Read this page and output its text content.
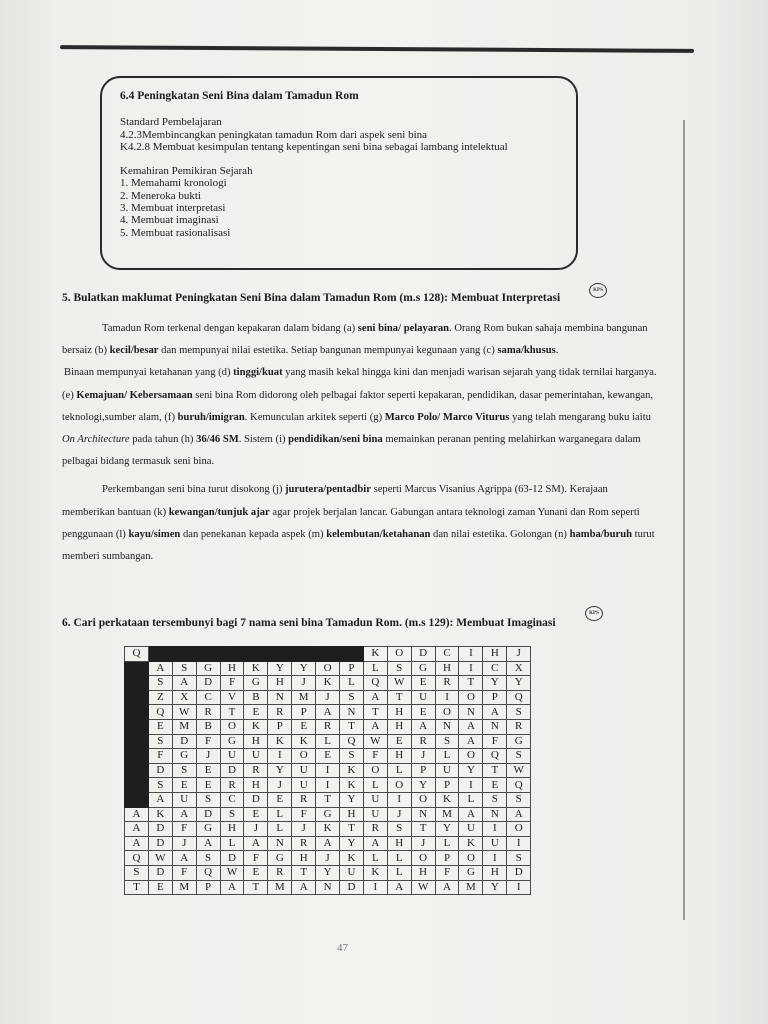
6.4 Peningkatan Seni Bina dalam Tamadun Rom
Standard Pembelajaran
4.2.3Membincangkan peningkatan tamadun Rom dari aspek seni bina
K4.2.8 Membuat kesimpulan tentang kepentingan seni bina sebagai lambang intelektual
Kemahiran Pemikiran Sejarah
1. Memahami kronologi
2. Meneroka bukti
3. Membuat interpretasi
4. Membuat imaginasi
5. Membuat rasionalisasi
5. Bulatkan maklumat Peningkatan Seni Bina dalam Tamadun Rom (m.s 128): Membuat Interpretasi
KPS

Tamadun Rom terkenal dengan kepakaran dalam bidang (a) seni bina/ pelayaran. Orang Rom bukan sahaja membina bangunan bersaiz (b) kecil/besar dan mempunyai nilai estetika. Setiap bangunan mempunyai kegunaan yang (c) sama/khusus.

Binaan mempunyai ketahanan yang (d) tinggi/kuat yang masih kekal hingga kini dan menjadi warisan sejarah yang tidak ternilai harganya. (e) Kemajuan/ Kebersamaan seni bina Rom didorong oleh pelbagai faktor seperti kepakaran, pendidikan, dasar pemerintahan, kewangan, teknologi,sumber alam, (f) buruh/imigran. Kemunculan arkitek seperti (g) Marco Polo/ Marco Viturus yang telah mengarang buku iaitu On Architecture pada tahun (h) 36/46 SM. Sistem (i) pendidikan/seni bina memainkan peranan penting melahirkan warganegara dalam pelbagai bidang termasuk seni bina.

Perkembangan seni bina turut disokong (j) jurutera/pentadbir seperti Marcus Visanius Agrippa (63-12 SM). Kerajaan memberikan bantuan (k) kewangan/tunjuk ajar agar projek berjalan lancar. Gabungan antara teknologi zaman Yunani dan Rom seperti penggunaan (l) kayu/simen dan penekanan kepada aspek (m) kelembutan/ketahanan dan nilai estetika. Golongan (n) hamba/buruh turut memberi sumbangan.

6. Cari perkataan tersembunyi bagi 7 nama seni bina Tamadun Rom. (m.s 129): Membuat Imaginasi
KPS
Q										K	O	D	C	I	H	J
	A	S	G	H	K	Y	Y	O	P	L	S	G	H	I	C	X
	S	A	D	F	G	H	J	K	L	Q	W	E	R	T	Y	Y
	Z	X	C	V	B	N	M	J	S	A	T	U	I	O	P	Q
	Q	W	R	T	E	R	P	A	N	T	H	E	O	N	A	S
	E	M	B	O	K	P	E	R	T	A	H	A	N	A	N	R
	S	D	F	G	H	K	K	L	Q	W	E	R	S	A	F	G
	F	G	J	U	U	I	O	E	S	F	H	J	L	O	Q	S
	D	S	E	D	R	Y	U	I	K	O	L	P	U	Y	T	W
	S	E	E	R	H	J	U	I	K	L	O	Y	P	I	E	Q
	A	U	S	C	D	E	R	T	Y	U	I	O	K	L	S	S
A	K	A	D	S	E	L	F	G	H	U	J	N	M	A	N	A
A	D	F	G	H	J	L	J	K	T	R	S	T	Y	U	I	O
A	D	J	A	L	A	N	R	A	Y	A	H	J	L	K	U	I
Q	W	A	S	D	F	G	H	J	K	L	L	O	P	O	I	S
S	D	F	Q	W	E	R	T	Y	U	K	L	H	F	G	H	D
T	E	M	P	A	T	M	A	N	D	I	A	W	A	M	Y	I
47
